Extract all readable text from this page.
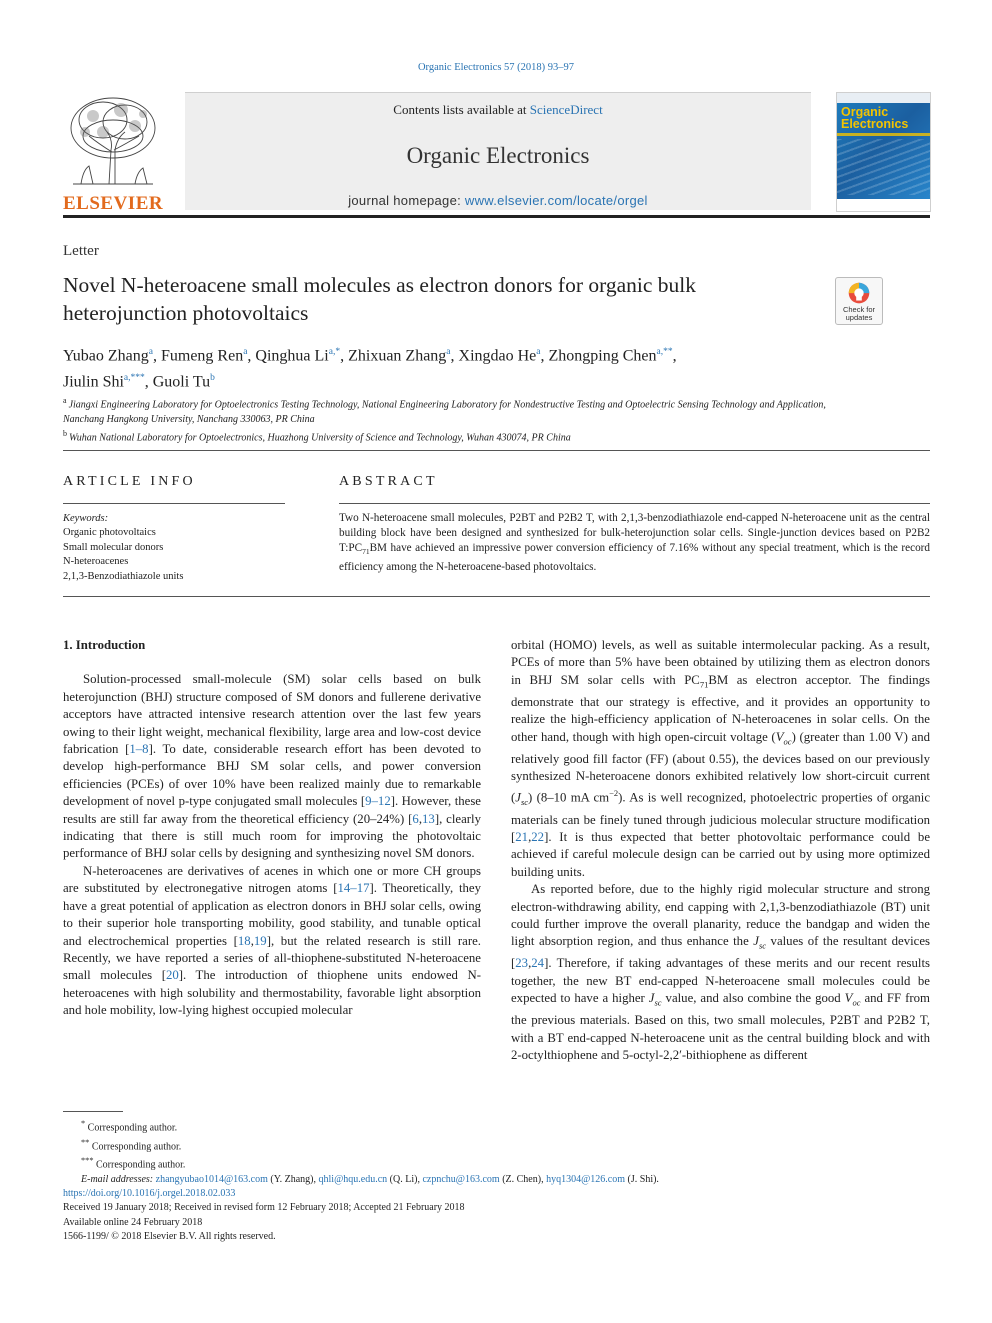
Organic Electronics 57 (2018) 93–97
ELSEVIER
Contents lists available at ScienceDirect
Organic Electronics
journal homepage: www.elsevier.com/locate/orgel
Organic Electronics
Letter
Novel N-heteroacene small molecules as electron donors for organic bulk heterojunction photovoltaics	Check for
updates
Yubao Zhang$^a$, Fumeng Ren$^a$, Qinghua $Li^{a,*}$, Zhixuan Zhang$^a$, Xingdao He$^a$, Zhongping Chen$^{a,**}$,
Jiulin Shi$^{a,***}$, Guoli Tu$^b$
$^a$ Jiangxi Engineering Laboratory for Optoelectronics Testing Technology, National Engineering Laboratory for Nondestructive Testing and Optoelectric Sensing Technology and Application, Nanchang Hangkong University, Nanchang 330063, PR China
$^b$ Wuhan National Laboratory for Optoelectronics, Huazhong University of Science and Technology, Wuhan 430074, PR China
ARTICLE INFO
Keywords:
Organic photovoltaics
Small molecular donors
N-heteroacenes
2,1,3-Benzodiathiazole units
ABSTRACT
Two N-heteroacene small molecules, P2BT and P2B2 T, with 2,1,3-benzodiathiazole end-capped N-heteroacene unit as the central building block have been designed and synthesized for bulk-heterojunction solar cells. Single-junction devices based on P2B2 $T:PC_{71}BM$ have achieved an impressive power conversion efficiency of 7.16% without any special treatment, which is the record efficiency among the N-heteroacene-based photovoltaics.

1. Introduction

Solution-processed small-molecule (SM) solar cells based on bulk heterojunction (BHJ) structure composed of SM donors and fullerene derivative acceptors have attracted intensive research attention over the last few years owing to their light weight, mechanical flexibility, large area and low-cost device fabrication [1–8]. To date, considerable research effort has been devoted to develop high-performance BHJ SM solar cells, and power conversion efficiencies (PCEs) of over 10% have been realized mainly due to remarkable development of novel p-type conjugated small molecules [9–12]. However, these results are still far away from the theoretical efficiency (20–24%) [6,13], clearly indicating that there is still much room for improving the photovoltaic performance of BHJ solar cells by designing and synthesizing novel SM donors.

N-heteroacenes are derivatives of acenes in which one or more CH groups are substituted by electronegative nitrogen atoms [14–17]. Theoretically, they have a great potential of application as electron donors in BHJ solar cells, owing to their superior hole transporting mobility, good stability, and tunable optical and electrochemical properties [18,19], but the related research is still rare. Recently, we have reported a series of all-thiophene-substituted N-heteroacene small molecules [20]. The introduction of thiophene units endowed N-heteroacenes with high solubility and thermostability, favorable light absorption and hole mobility, low-lying highest occupied molecular

orbital (HOMO) levels, as well as suitable intermolecular packing. As a result, PCEs of more than 5% have been obtained by utilizing them as electron donors in BHJ SM solar cells with $PC_{71}BM$ as electron acceptor. The findings demonstrate that our strategy is effective, and it provides an opportunity to realize the high-efficiency application of N-heteroacenes in solar cells. On the other hand, though with high open-circuit voltage $(V_{oc})$ (greater than 1.00 V) and relatively good fill factor (FF) (about 0.55), the devices based on our previously synthesized N-heteroacene donors exhibited relatively low short-circuit current $(J_{sc})$ (8–10 mA $cm^{-2}$). As is well recognized, photoelectric properties of organic materials can be finely tuned through judicious molecular structure modification [21,22]. It is thus expected that better photovoltaic performance could be achieved if careful molecule design can be carried out by using more optimized building units.

As reported before, due to the highly rigid molecular structure and strong electron-withdrawing ability, end capping with 2,1,3-benzodiathiazole (BT) unit could further improve the overall planarity, reduce the bandgap and widen the light absorption region, and thus enhance the $J_{sc}$ values of the resultant devices [23,24]. Therefore, if taking advantages of these merits and our recent results together, the new BT end-capped N-heteroacene small molecules could be expected to have a higher $J_{sc}$ value, and also combine the good $V_{oc}$ and FF from the previous materials. Based on this, two small molecules, P2BT and P2B2 T, with a BT end-capped N-heteroacene unit as the central building block and with 2-octylthiophene and 5-octyl-2,2′-bithiophene as different

* Corresponding author.
** Corresponding author.
*** Corresponding author.
E-mail addresses: zhangyubao1014@163.com (Y. Zhang), qhli@hqu.edu.cn (Q. Li), czpnchu@163.com (Z. Chen), hyq1304@126.com (J. Shi).
https://doi.org/10.1016/j.orgel.2018.02.033
Received 19 January 2018; Received in revised form 12 February 2018; Accepted 21 February 2018
Available online 24 February 2018
1566-1199/ © 2018 Elsevier B.V. All rights reserved.
